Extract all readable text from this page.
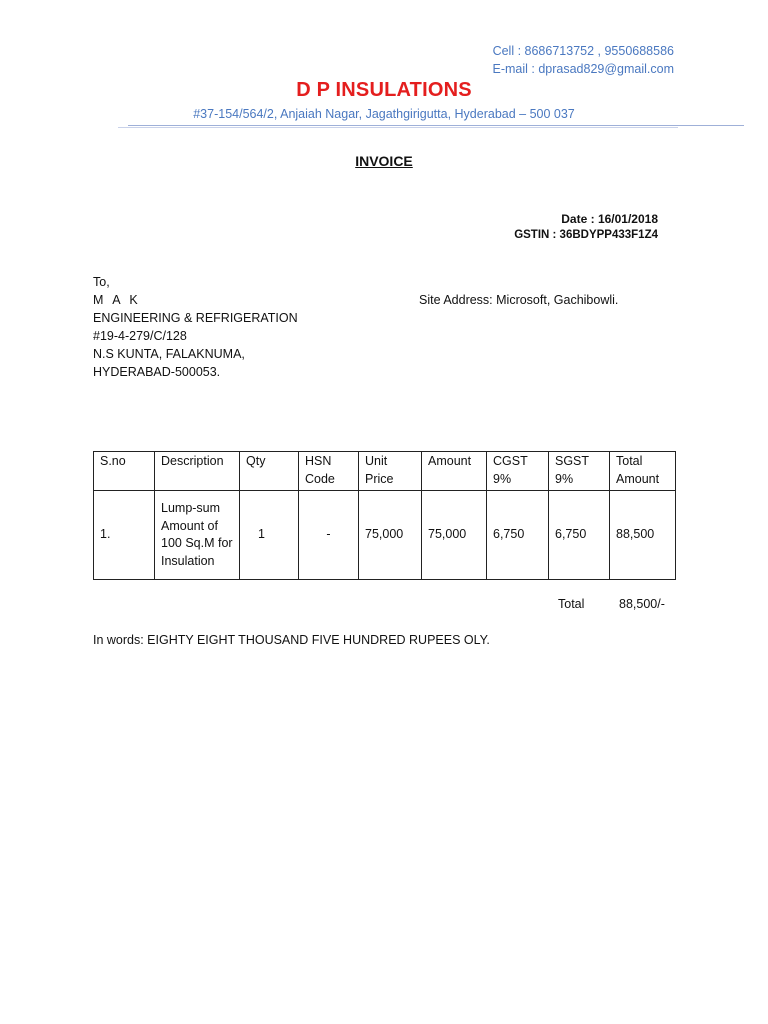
Cell : 8686713752 , 9550688586
E-mail : dprasad829@gmail.com
D P INSULATIONS
#37-154/564/2, Anjaiah Nagar, Jagathgirigutta, Hyderabad – 500 037
INVOICE
Date : 16/01/2018
GSTIN : 36BDYPP433F1Z4
To,
M A K
ENGINEERING & REFRIGERATION
#19-4-279/C/128
N.S KUNTA, FALAKNUMA,
HYDERABAD-500053.
Site Address: Microsoft, Gachibowli.
S.no	Description	Qty	HSN Code	Unit Price	Amount	CGST 9%	SGST 9%	Total Amount
1.	Lump-sum Amount of 100 Sq.M for Insulation	1	-	75,000	75,000	6,750	6,750	88,500
Total	88,500/-
In words: EIGHTY EIGHT THOUSAND FIVE HUNDRED RUPEES OLY.
